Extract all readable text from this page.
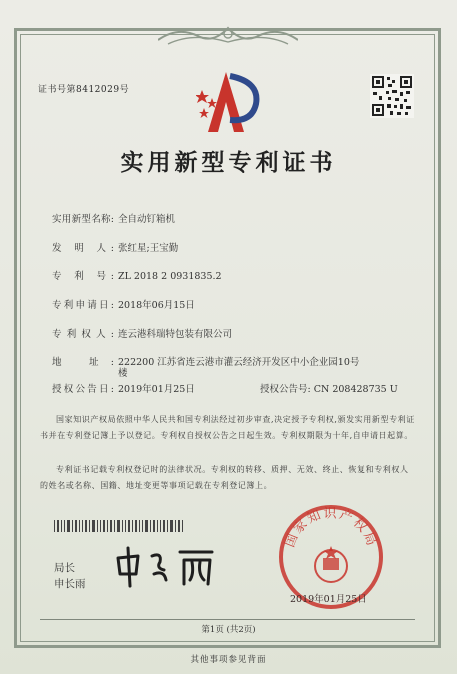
证书号第8412029号
实用新型专利证书
实用新型名称: 全自动钉箱机
发 明 人: 张红星;王宝勤
专 利 号: ZL 2018 2 0931835.2
专利申请日: 2018年06月15日
专利权人: 连云港科瑞特包装有限公司
地 址: 222200 江苏省连云港市灌云经济开发区中小企业园10号
楼
授权公告日: 2019年01月25日	授权公告号: CN 208428735 U
国家知识产权局依照中华人民共和国专利法经过初步审查,决定授予专利权,颁发实用新型专利证书并在专利登记簿上予以登记。专利权自授权公告之日起生效。专利权期限为十年,自申请日起算。
专利证书记载专利权登记时的法律状况。专利权的转移、质押、无效、终止、恢复和专利权人的姓名或名称、国籍、地址变更等事项记载在专利登记簿上。
局长
申长雨
国家知识产权局
2019年01月25日
第1页 (共2页)
其他事项参见背面
